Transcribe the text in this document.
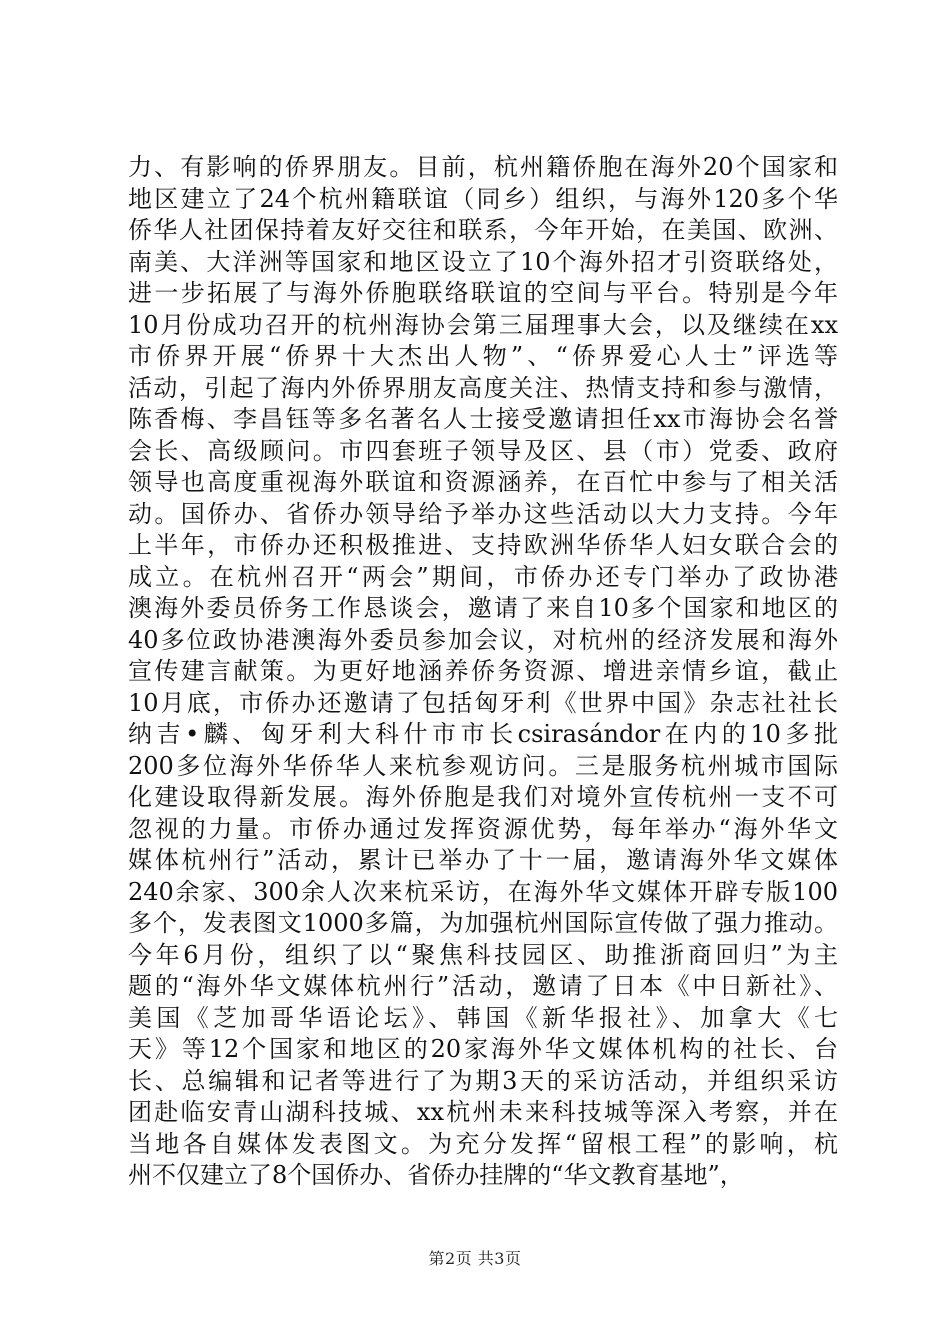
力、有影响的侨界朋友。目前，杭州籍侨胞在海外20个国家和
地区建立了24个杭州籍联谊（同乡）组织，与海外120多个华
侨华人社团保持着友好交往和联系，今年开始，在美国、欧洲、
南美、大洋洲等国家和地区设立了10个海外招才引资联络处，
进一步拓展了与海外侨胞联络联谊的空间与平台。特别是今年
10月份成功召开的杭州海协会第三届理事大会，以及继续在xx
市侨界开展“侨界十大杰出人物”、“侨界爱心人士”评选等
活动，引起了海内外侨界朋友高度关注、热情支持和参与激情，
陈香梅、李昌钰等多名著名人士接受邀请担任xx市海协会名誉
会长、高级顾问。市四套班子领导及区、县（市）党委、政府
领导也高度重视海外联谊和资源涵养，在百忙中参与了相关活
动。国侨办、省侨办领导给予举办这些活动以大力支持。今年
上半年，市侨办还积极推进、支持欧洲华侨华人妇女联合会的
成立。在杭州召开“两会”期间，市侨办还专门举办了政协港
澳海外委员侨务工作恳谈会，邀请了来自10多个国家和地区的
40多位政协港澳海外委员参加会议，对杭州的经济发展和海外
宣传建言献策。为更好地涵养侨务资源、增进亲情乡谊，截止
10月底，市侨办还邀请了包括匈牙利《世界中国》杂志社社长
纳吉•麟、匈牙利大科什市市长csirasándor在内的10多批
200多位海外华侨华人来杭参观访问。三是服务杭州城市国际
化建设取得新发展。海外侨胞是我们对境外宣传杭州一支不可
忽视的力量。市侨办通过发挥资源优势，每年举办“海外华文
媒体杭州行”活动，累计已举办了十一届，邀请海外华文媒体
240余家、300余人次来杭采访，在海外华文媒体开辟专版100
多个，发表图文1000多篇，为加强杭州国际宣传做了强力推动。
今年6月份，组织了以“聚焦科技园区、助推浙商回归”为主
题的“海外华文媒体杭州行”活动，邀请了日本《中日新社》、
美国《芝加哥华语论坛》、韩国《新华报社》、加拿大《七
天》等12个国家和地区的20家海外华文媒体机构的社长、台
长、总编辑和记者等进行了为期3天的采访活动，并组织采访
团赴临安青山湖科技城、xx杭州未来科技城等深入考察，并在
当地各自媒体发表图文。为充分发挥“留根工程”的影响，杭
州不仅建立了8个国侨办、省侨办挂牌的“华文教育基地”，
第2页 共3页
